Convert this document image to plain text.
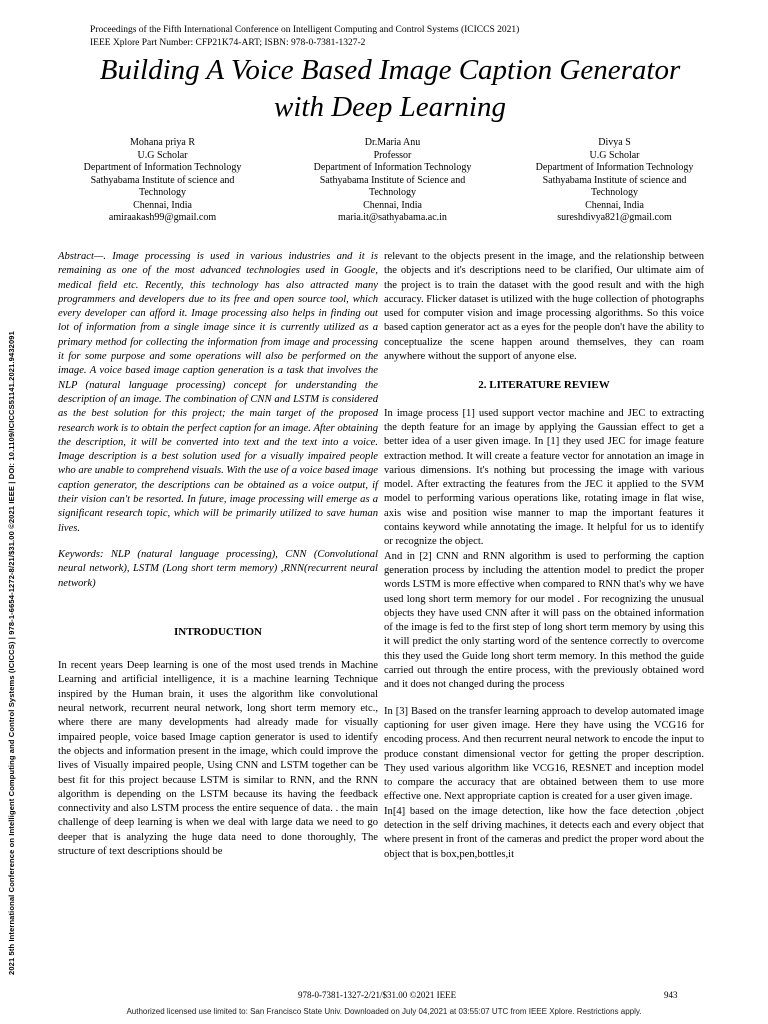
Proceedings of the Fifth International Conference on Intelligent Computing and Control Systems (ICICCS 2021)
IEEE Xplore Part Number: CFP21K74-ART; ISBN: 978-0-7381-1327-2
Building A Voice Based Image Caption Generator
with Deep Learning
Mohana priya R
U.G Scholar
Department of Information Technology
Sathyabama Institute of science and
Technology
Chennai, India
amiraakash99@gmail.com
Dr.Maria Anu
Professor
Department of Information Technology
Sathyabama Institute of Science and
Technology
Chennai, India
maria.it@sathyabama.ac.in
Divya S
U.G Scholar
Department of Information Technology
Sathyabama Institute of science and
Technology
Chennai, India
sureshdivya821@gmail.com
2021 5th International Conference on Intelligent Computing and Control Systems (ICICCS) | 978-1-6654-1272-8/21/$31.00 ©2021 IEEE | DOI: 10.1109/ICICCS51141.2021.9432091

Abstract—. Image processing is used in various industries and it is remaining as one of the most advanced technologies used in Google, medical field etc. Recently, this technology has also attracted many programmers and developers due to its free and open source tool, which every developer can afford it. Image processing also helps in finding out lot of information from a single image since it is currently utilized as a primary method for collecting the information from image and processing it for some purpose and some operations will also be performed on the image. A voice based image caption generation is a task that involves the NLP (natural language processing) concept for understanding the description of an image. The combination of CNN and LSTM is considered as the best solution for this project; the main target of the proposed research work is to obtain the perfect caption for an image. After obtaining the description, it will be converted into text and the text into a voice. Image description is a best solution used for a visually impaired people who are unable to comprehend visuals. With the use of a voice based image caption generator, the descriptions can be obtained as a voice output, if their vision can't be resorted. In future, image processing will emerge as a significant research topic, which will be primarily utilized to save human lives.

Keywords: NLP (natural language processing), CNN (Convolutional neural network), LSTM (Long short term memory) ,RNN(recurrent neural network)

INTRODUCTION

In recent years Deep learning is one of the most used trends in Machine Learning and artificial intelligence, it is a machine learning Technique inspired by the Human brain, it uses the algorithm like convolutional neural network, recurrent neural network, long short term memory etc., where there are many developments had already made for visually impaired people, voice based Image caption generator is used to identify the objects and information present in the image, which could improve the lives of Visually impaired people, Using CNN and LSTM together can be best fit for this project because LSTM is similar to RNN, and the RNN algorithm is depending on the LSTM because its having the feedback connectivity and also LSTM process the entire sequence of data. . the main challenge of deep learning is when we deal with large data we need to go deeper that is analyzing the huge data need to done thoroughly, The structure of text descriptions should be

relevant to the objects present in the image, and the relationship between the objects and it's descriptions need to be clarified, Our ultimate aim of the project is to train the dataset with the good result and with the high accuracy. Flicker dataset is utilized with the huge collection of photographs used for computer vision and image processing algorithms. So this voice based caption generator act as a eyes for the people don't have the ability to conceptualize the scene happen around themselves, they can roam anywhere without the support of anyone else.

2. LITERATURE REVIEW

In image process [1] used support vector machine and JEC to extracting the depth feature for an image by applying the Gaussian effect to get a better idea of a user given image. In [1] they used JEC for image feature extraction method. It will create a feature vector for annotation an image in various dimensions. It's nothing but processing the image with various model. After extracting the features from the JEC it applied to the SVM model to performing various operations like, rotating image in flat wise, axis wise and position wise manner to map the important features it contains keyword while annotating the image. It helpful for us to identify or recognize the object.

And in [2] CNN and RNN algorithm is used to performing the caption generation process by including the attention model to predict the proper words LSTM is more effective when compared to RNN that's why we have used long short term memory for our model . For recognizing the unusual objects they have used CNN after it will pass on the obtained information of the image is fed to the first step of long short term memory by using this it will predict the only starting word of the sentence correctly to overcome this they used the Guide long short term memory. In this method the guide carried out through the entire process, with the previously obtained word and it does not changed during the process

In [3] Based on the transfer learning approach to develop automated image captioning for user given image. Here they have using the VCG16 for encoding process. And then recurrent neural network to encode the input to produce constant dimensional vector for getting the proper description. They used various algorithm like VCG16, RESNET and inception model to compare the accuracy that are obtained between them to use more effective one. Next appropriate caption is created for a user given image.

In[4] based on the image detection, like how the face detection ,object detection in the self driving machines, it detects each and every object that where present in front of the cameras and predict the proper word about the object that is box,pen,bottles,it

978-0-7381-1327-2/21/$31.00 ©2021 IEEE	943
Authorized licensed use limited to: San Francisco State Univ. Downloaded on July 04,2021 at 03:55:07 UTC from IEEE Xplore. Restrictions apply.
